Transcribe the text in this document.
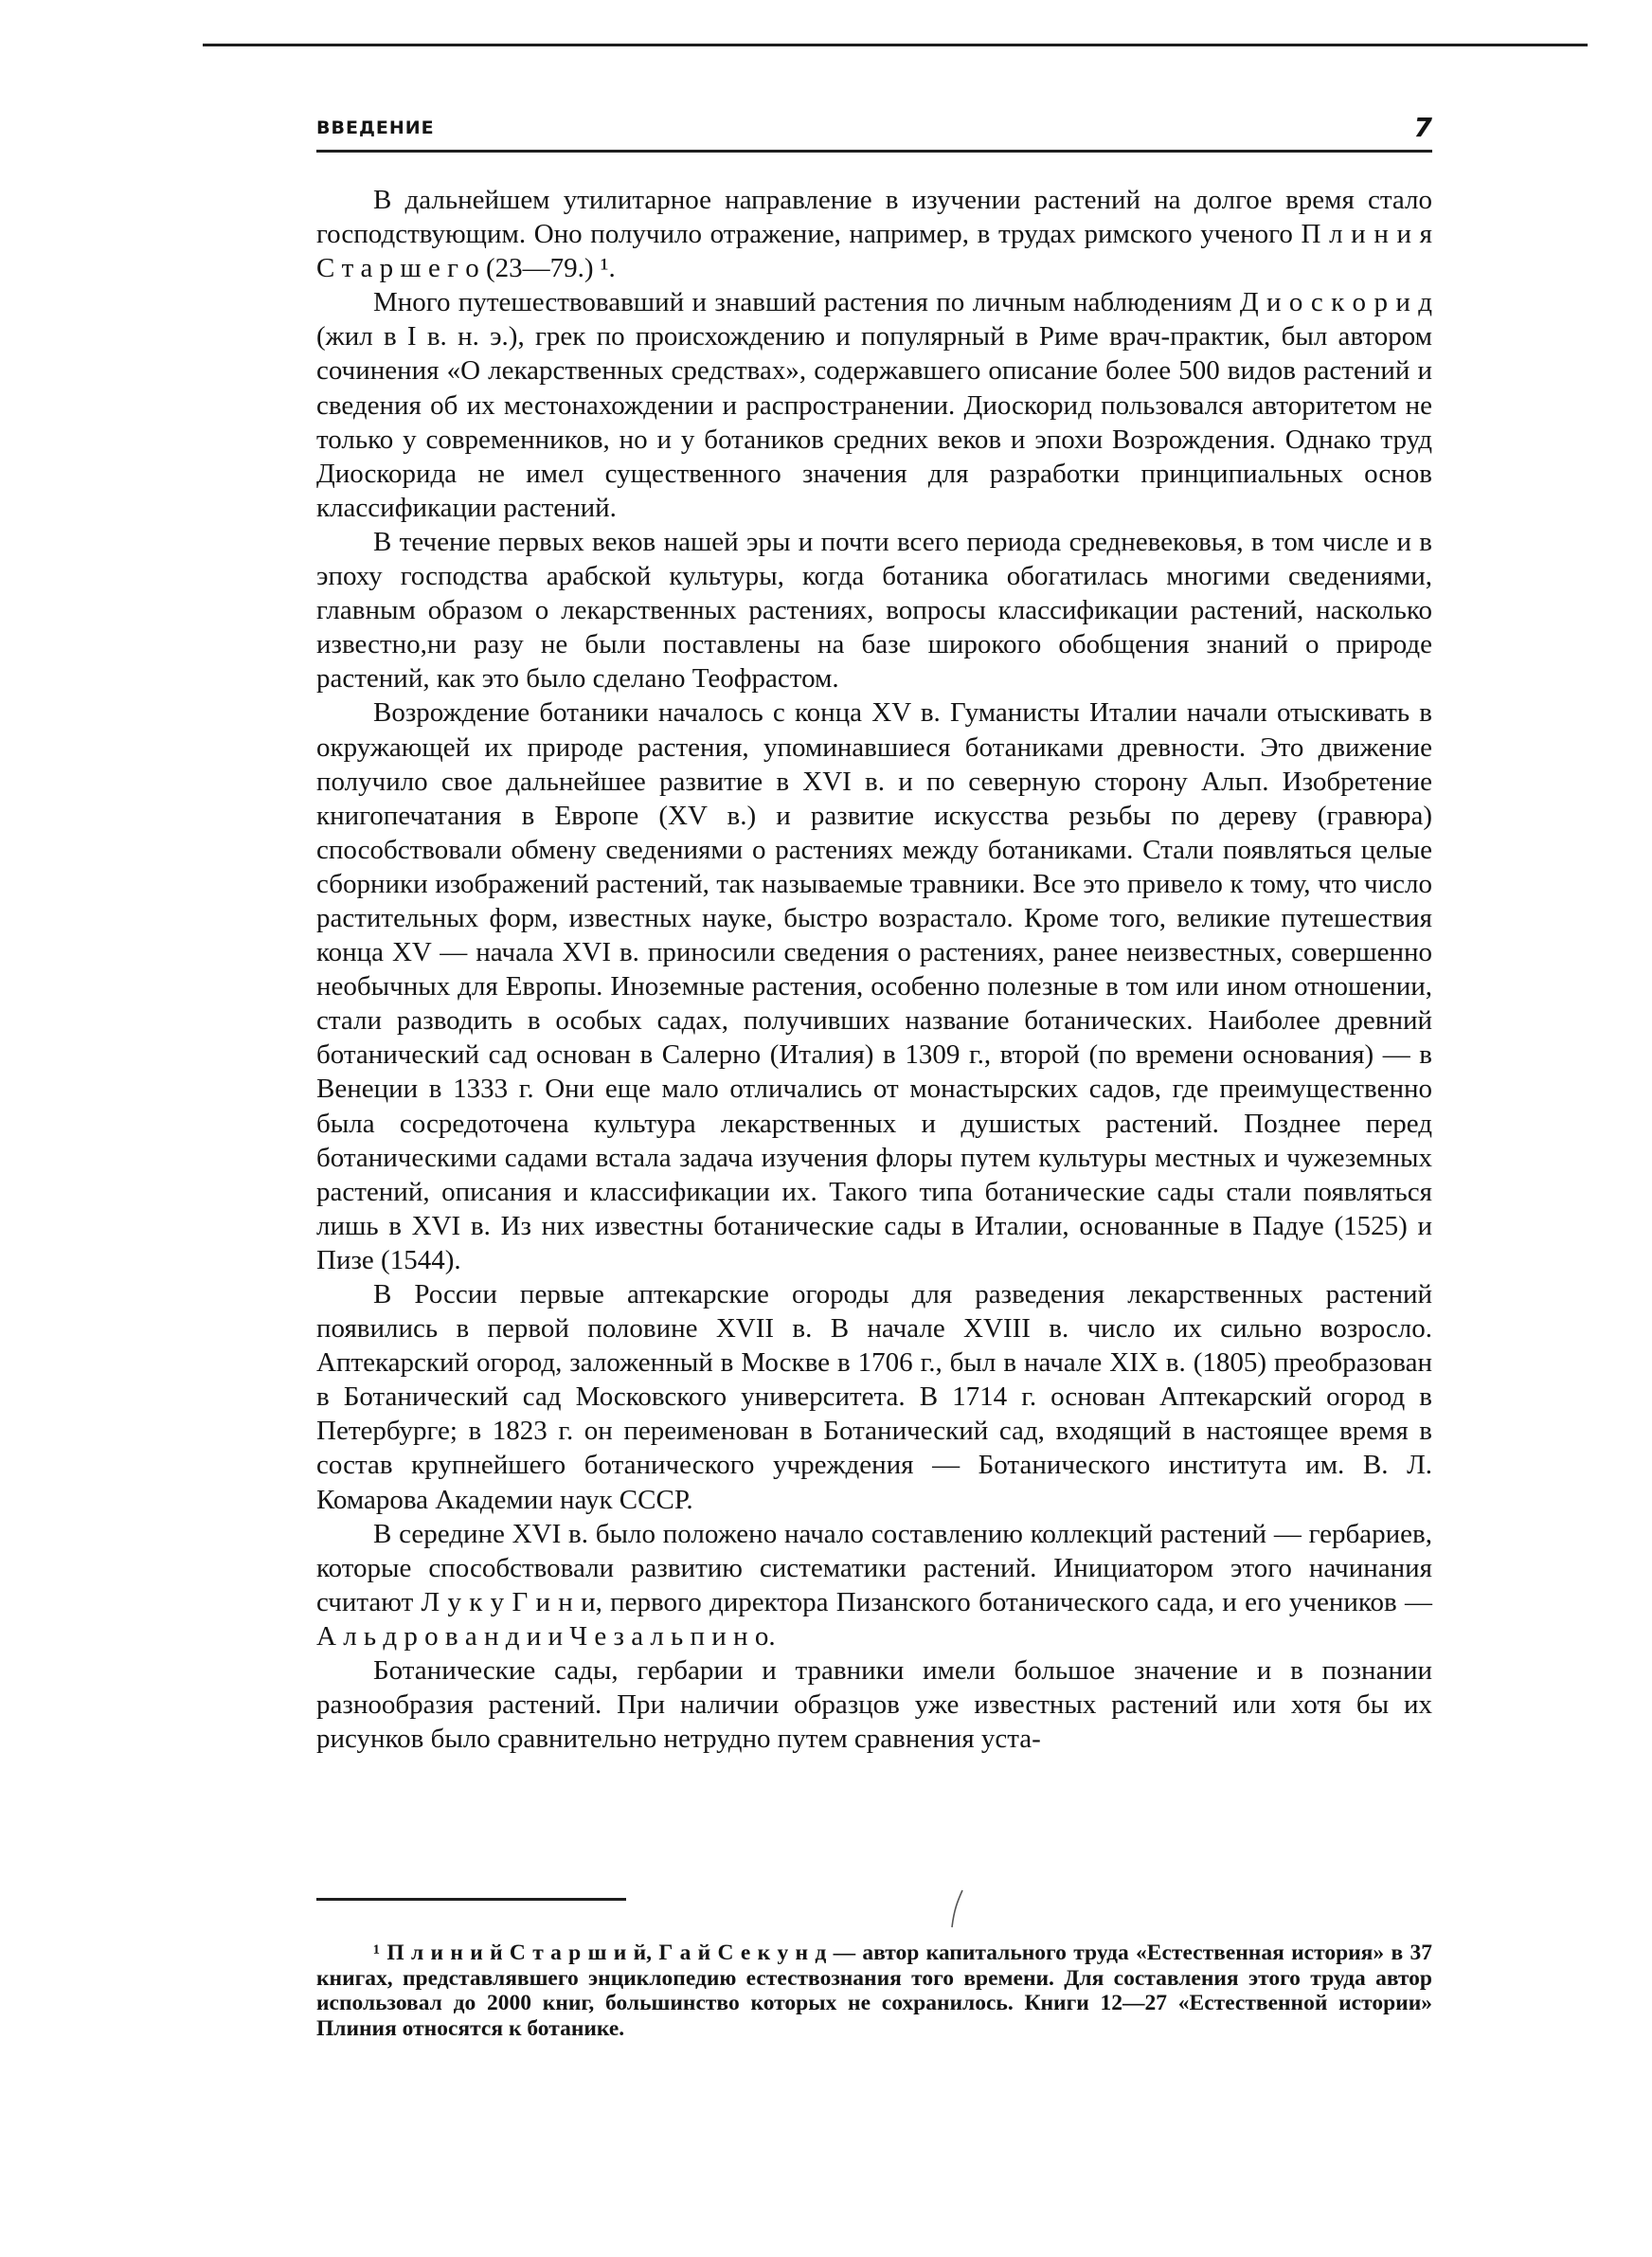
ВВЕДЕНИЕ	7

В дальнейшем утилитарное направление в изучении растений на долгое время стало господствующим. Оно получило отражение, например, в трудах римского ученого П л и н и я С т а р ш е г о (23—79.) ¹.

Много путешествовавший и знавший растения по личным наблюдениям Д и о с к о р и д (жил в I в. н. э.), грек по происхождению и популярный в Риме врач-практик, был автором сочинения «О лекарственных средствах», содержавшего описание более 500 видов растений и сведения об их местонахождении и распространении. Диоскорид пользовался авторитетом не только у современников, но и у ботаников средних веков и эпохи Возрождения. Однако труд Диоскорида не имел существенного значения для разработки принципиальных основ классификации растений.

В течение первых веков нашей эры и почти всего периода средневековья, в том числе и в эпоху господства арабской культуры, когда ботаника обогатилась многими сведениями, главным образом о лекарственных растениях, вопросы классификации растений, насколько известно,ни разу не были поставлены на базе широкого обобщения знаний о природе растений, как это было сделано Теофрастом.

Возрождение ботаники началось с конца XV в. Гуманисты Италии начали отыскивать в окружающей их природе растения, упоминавшиеся ботаниками древности. Это движение получило свое дальнейшее развитие в XVI в. и по северную сторону Альп. Изобретение книгопечатания в Европе (XV в.) и развитие искусства резьбы по дереву (гравюра) способствовали обмену сведениями о растениях между ботаниками. Стали появляться целые сборники изображений растений, так называемые травники. Все это привело к тому, что число растительных форм, известных науке, быстро возрастало. Кроме того, великие путешествия конца XV — начала XVI в. приносили сведения о растениях, ранее неизвестных, совершенно необычных для Европы. Иноземные растения, особенно полезные в том или ином отношении, стали разводить в особых садах, получивших название ботанических. Наиболее древний ботанический сад основан в Салерно (Италия) в 1309 г., второй (по времени основания) — в Венеции в 1333 г. Они еще мало отличались от монастырских садов, где преимущественно была сосредоточена культура лекарственных и душистых растений. Позднее перед ботаническими садами встала задача изучения флоры путем культуры местных и чужеземных растений, описания и классификации их. Такого типа ботанические сады стали появляться лишь в XVI в. Из них известны ботанические сады в Италии, основанные в Падуе (1525) и Пизе (1544).

В России первые аптекарские огороды для разведения лекарственных растений появились в первой половине XVII в. В начале XVIII в. число их сильно возросло. Аптекарский огород, заложенный в Москве в 1706 г., был в начале XIX в. (1805) преобразован в Ботанический сад Московского университета. В 1714 г. основан Аптекарский огород в Петербурге; в 1823 г. он переименован в Ботанический сад, входящий в настоящее время в состав крупнейшего ботанического учреждения — Ботанического института им. В. Л. Комарова Академии наук СССР.

В середине XVI в. было положено начало составлению коллекций растений — гербариев, которые способствовали развитию систематики растений. Инициатором этого начинания считают Л у к у Г и н и, первого директора Пизанского ботанического сада, и его учеников — А л ь д р о в а н д и и Ч е з а л ь п и н о.

Ботанические сады, гербарии и травники имели большое значение и в познании разнообразия растений. При наличии образцов уже известных растений или хотя бы их рисунков было сравнительно нетрудно путем сравнения уста-

¹ П л и н и й С т а р ш и й, Г а й С е к у н д — автор капитального труда «Естественная история» в 37 книгах, представлявшего энциклопедию естествознания того времени. Для составления этого труда автор использовал до 2000 книг, большинство которых не сохранилось. Книги 12—27 «Естественной истории» Плиния относятся к ботанике.
